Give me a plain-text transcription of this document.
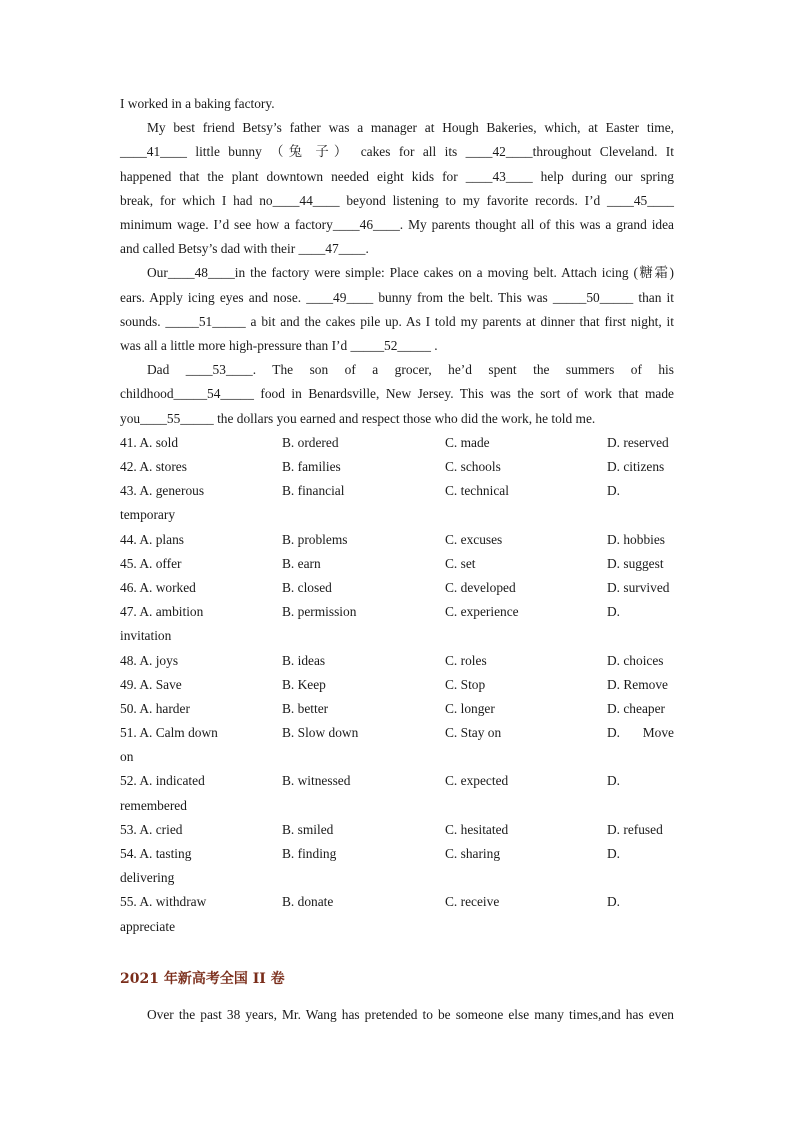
I worked in a baking factory.

My best friend Betsy’s father was a manager at Hough Bakeries, which, at Easter time,

____41____ little bunny （兔 子） cakes for all its ____42____throughout Cleveland. It

happened that the plant downtown needed eight kids for ____43____ help during our spring

break, for which I had no____44____ beyond listening to my favorite records. I’d ____45____

minimum wage. I’d see how a factory____46____. My parents thought all of this was a grand idea

and called Betsy’s dad with their ____47____.

Our____48____in the factory were simple: Place cakes on a moving belt. Attach icing (糖霜)

ears. Apply icing eyes and nose. ____49____ bunny from the belt. This was _____50_____ than it

sounds. _____51_____ a bit and the cakes pile up. As I told my parents at dinner that first night, it

was all a little more high-pressure than I’d _____52_____ .

Dad ____53____. The son of a grocer, he’d spent the summers of his

childhood_____54_____ food in Benardsville, New Jersey. This was the sort of work that made

you____55_____ the dollars you earned and respect those who did the work, he told me.

41. A. sold	B. ordered	C. made	D. reserved
42. A. stores	B. families	C. schools	D. citizens
43. A. generous	B. financial	C. technical	D.
temporary
44. A. plans	B. problems	C. excuses	D. hobbies
45. A. offer	B. earn	C. set	D. suggest
46. A. worked	B. closed	C. developed	D. survived
47. A. ambition	B. permission	C. experience	D.
invitation
48. A. joys	B. ideas	C. roles	D. choices
49. A. Save	B. Keep	C. Stop	D. Remove
50. A. harder	B. better	C. longer	D. cheaper
51. A. Calm down	B. Slow down	C. Stay on	D. Move
on
52. A. indicated	B. witnessed	C. expected	D.
remembered
53. A. cried	B. smiled	C. hesitated	D. refused
54. A. tasting	B. finding	C. sharing	D.
delivering
55. A. withdraw	B. donate	C. receive	D.
appreciate
2021 年新高考全国 II 卷

Over the past 38 years, Mr. Wang has pretended to be someone else many times,and has even
